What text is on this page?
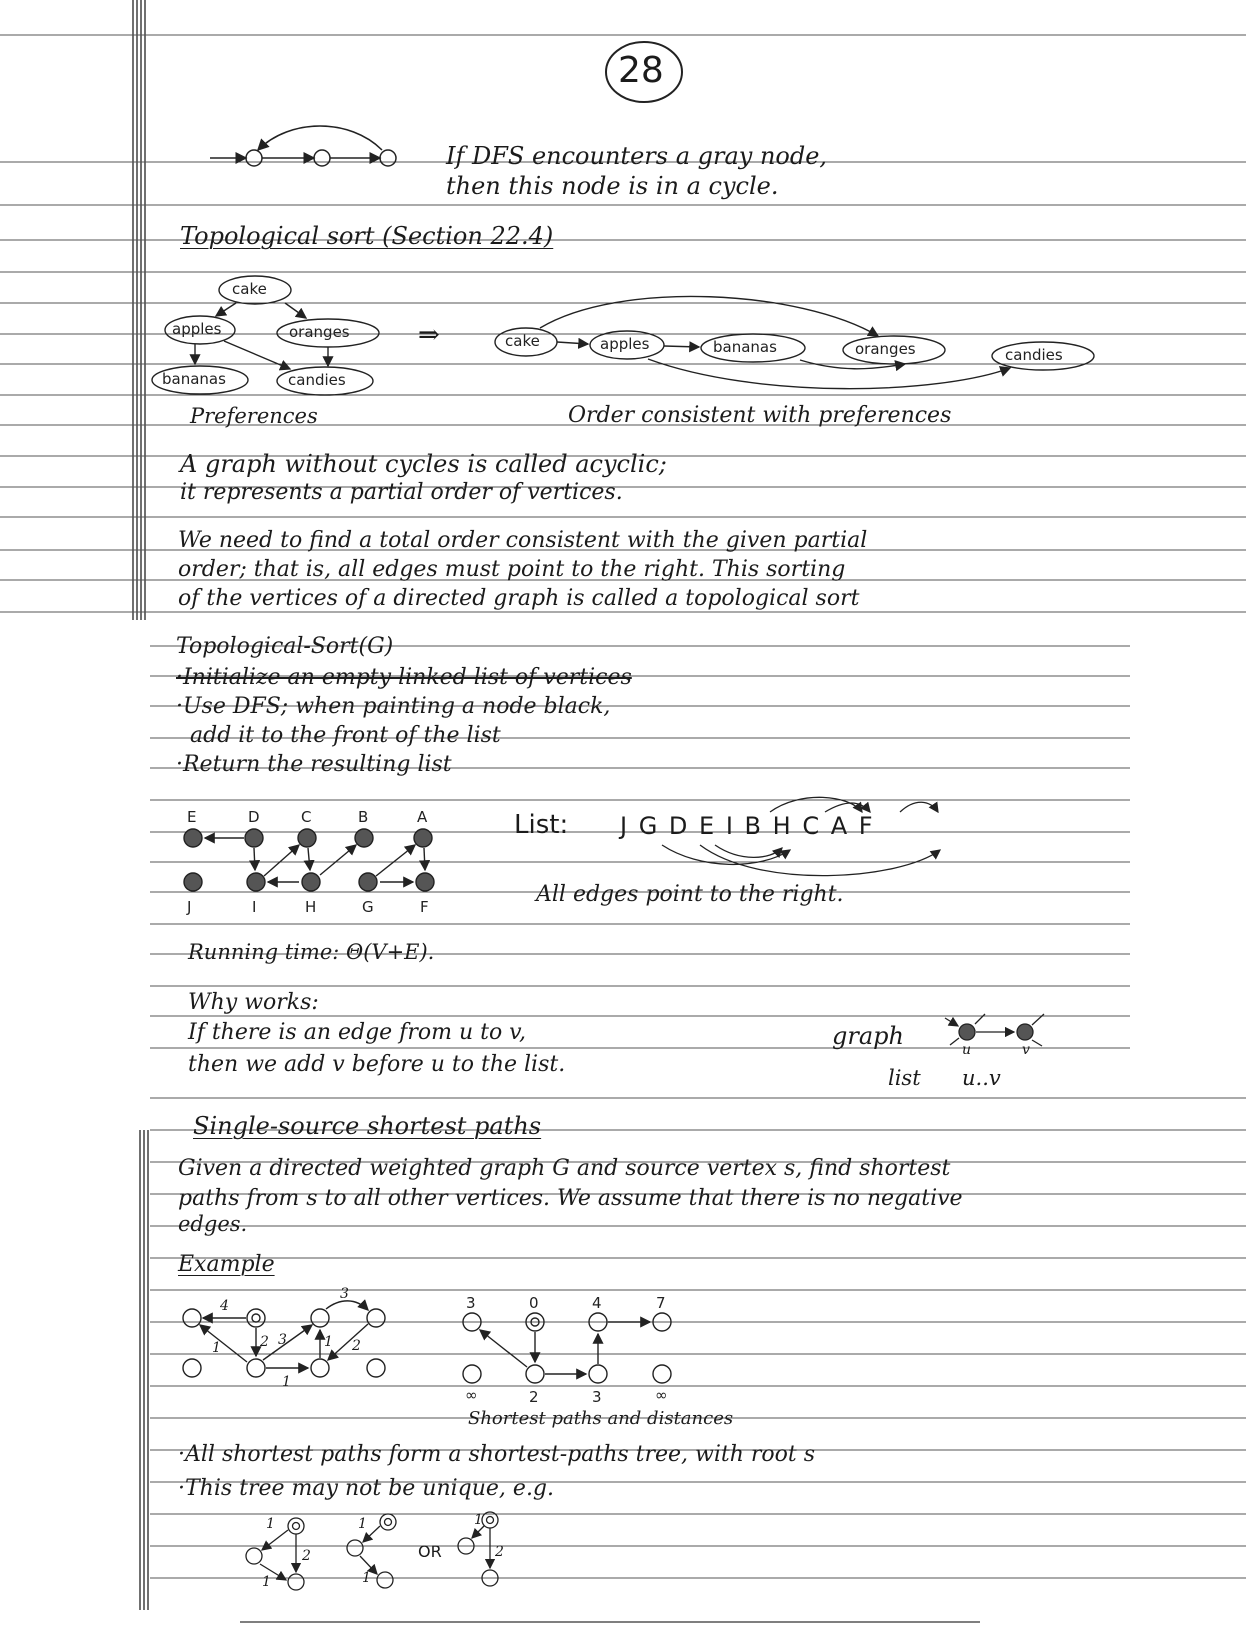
28
If DFS encounters a gray node,
then this node is in a cycle.
Topological sort (Section 22.4)
cake
apples	oranges
bananas	candies
⇒	cake	apples	bananas	oranges	candies
Preferences	Order consistent with preferences
A graph without cycles is called acyclic;
it represents a partial order of vertices.
We need to find a total order consistent with the given partial
order; that is, all edges must point to the right. This sorting
of the vertices of a directed graph is called a topological sort
Topological-Sort(G)
·Initialize an empty linked list of vertices
·Use DFS; when painting a node black,
add it to the front of the list
·Return the resulting list
E	D	C	B	A
J	I	H	G	F
List: J G D E I B H C A F
All edges point to the right.
Running time: Θ(V+E).
Why works:
If there is an edge from u to v,
then we add v before u to the list.
graph	u	v
list u..v
Single-source shortest paths
Given a directed weighted graph G and source vertex s, find shortest
paths from s to all other vertices. We assume that there is no negative
edges.
Example
4
3
2 3
1	2
1
1
3	0	4	7
∞	2	3	∞
Shortest paths and distances
·All shortest paths form a shortest-paths tree, with root s
·This tree may not be unique, e.g.
1
2
1
1
1
OR
1
2
